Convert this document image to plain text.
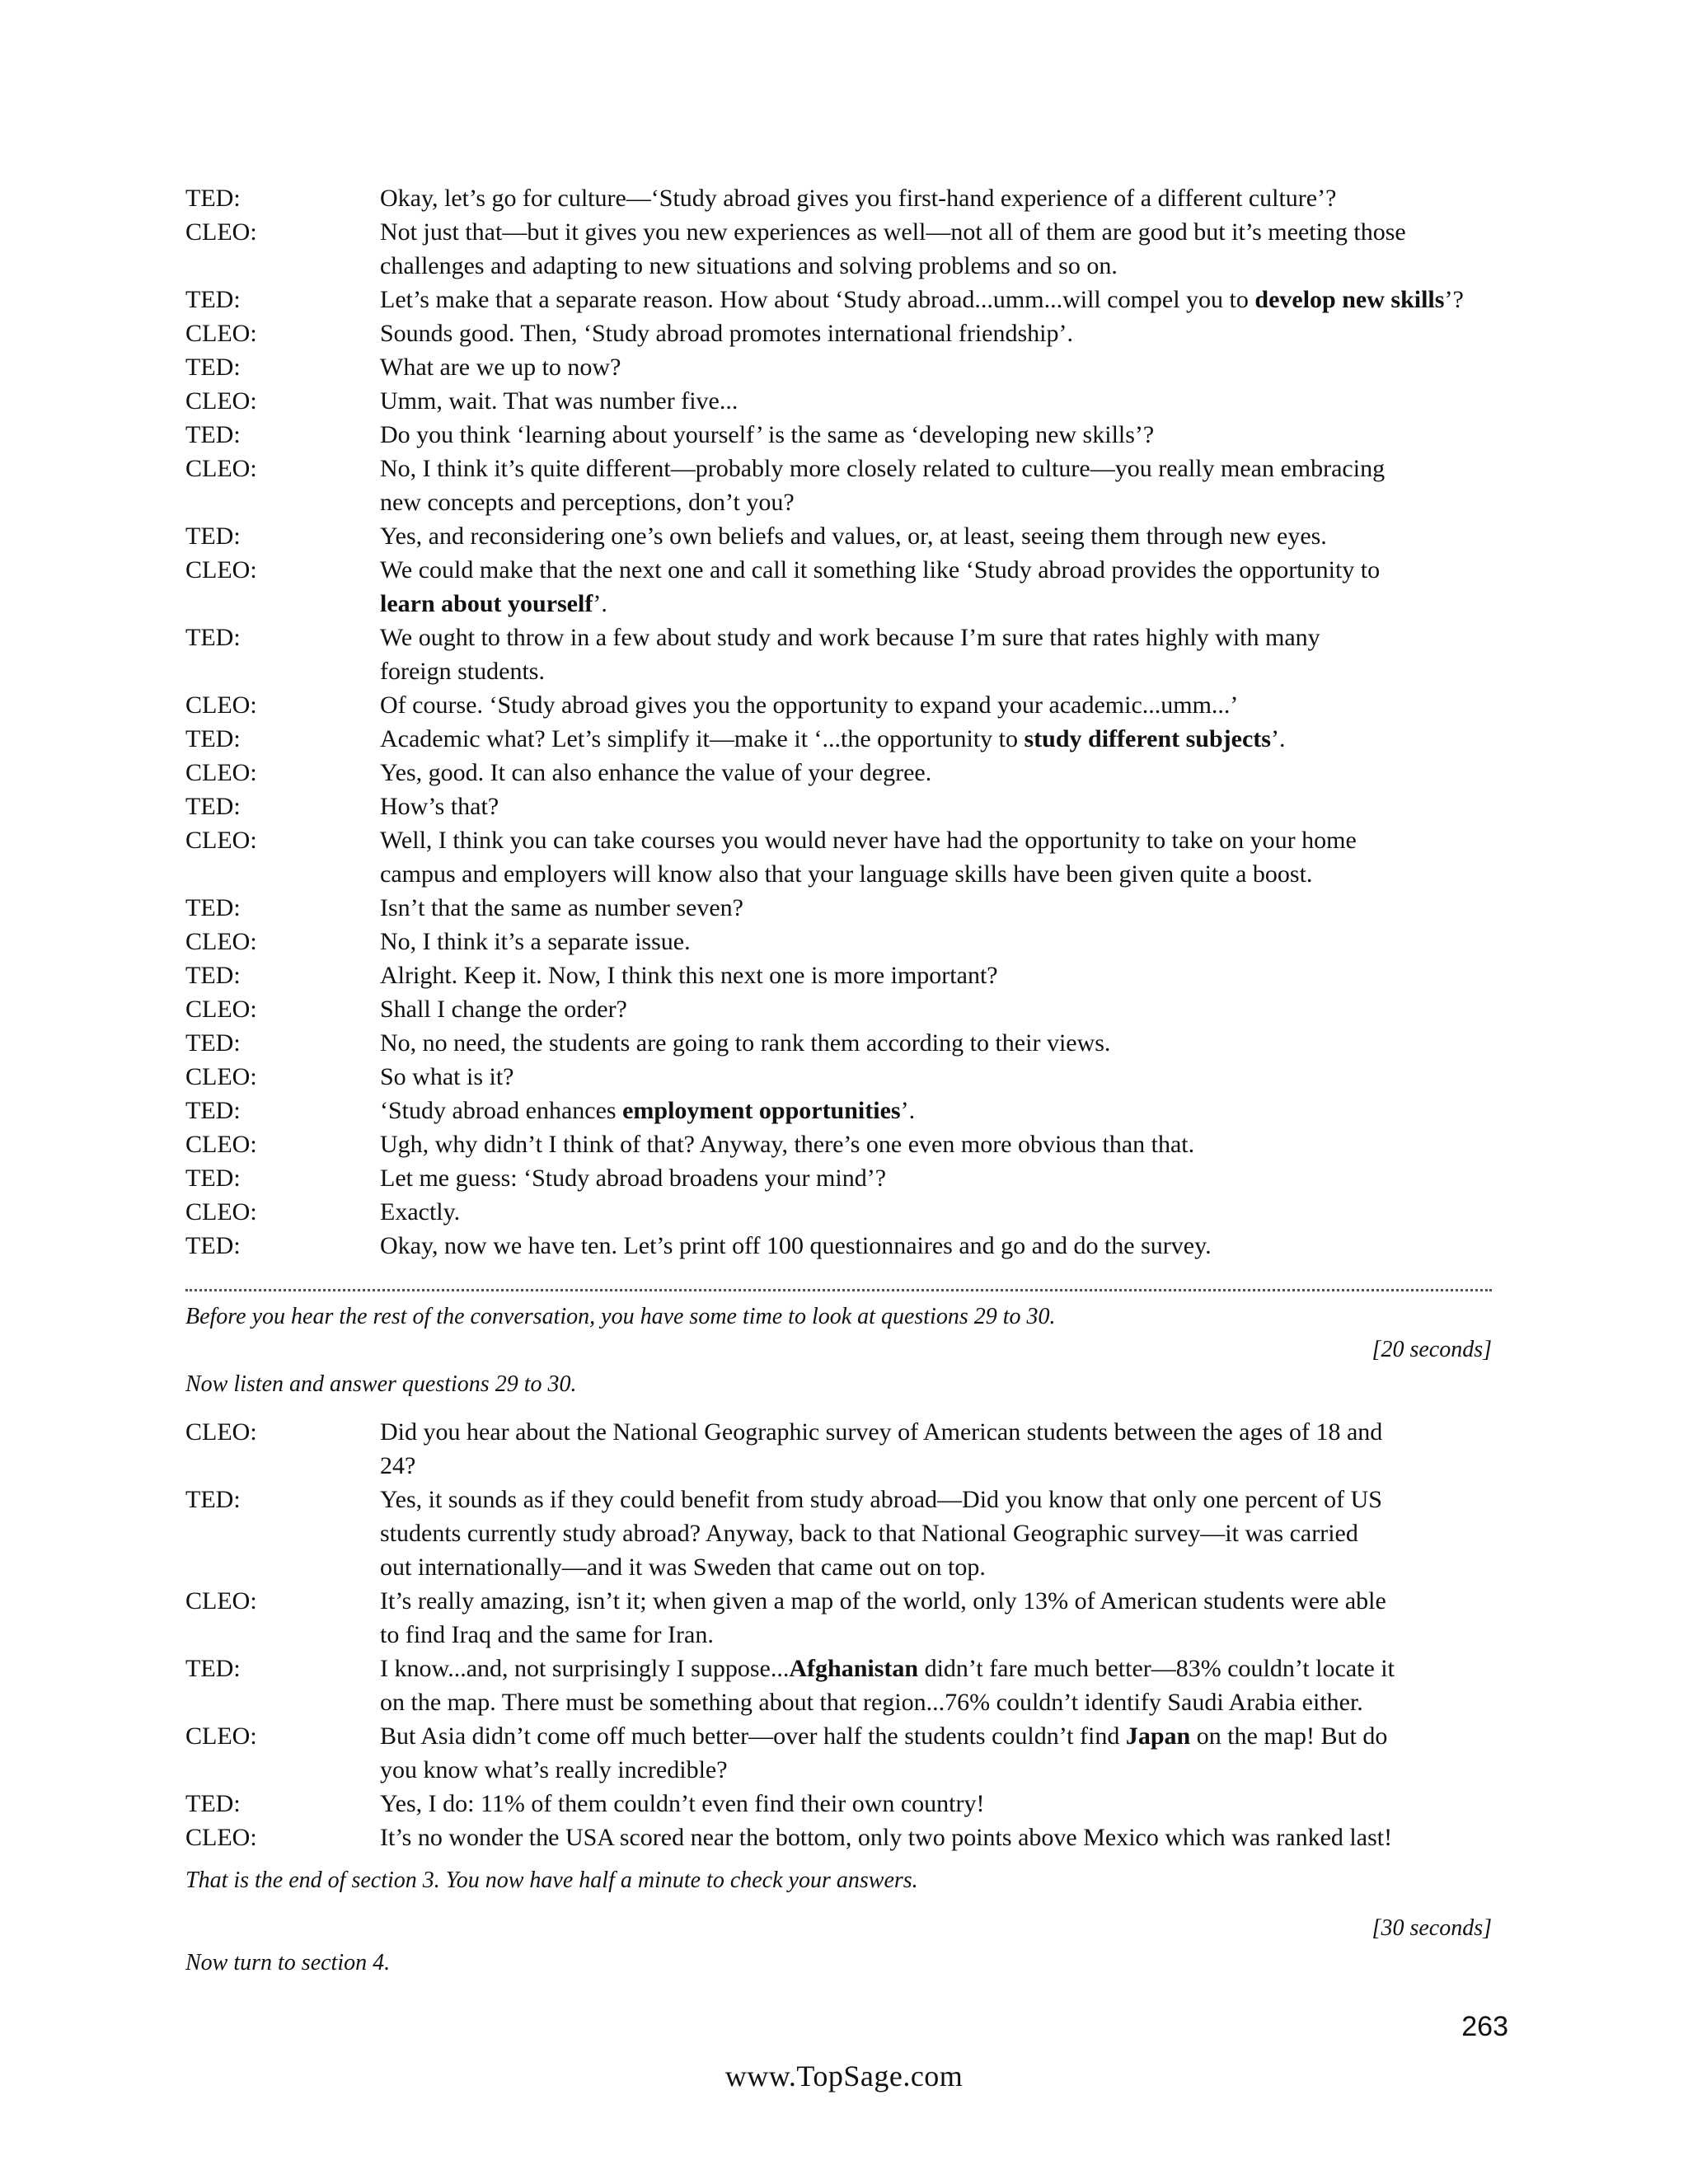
TED:	Okay, let’s go for culture—‘Study abroad gives you first-hand experience of a different culture’?
CLEO:	Not just that—but it gives you new experiences as well—not all of them are good but it’s meeting those
challenges and adapting to new situations and solving problems and so on.
TED:	Let’s make that a separate reason. How about ‘Study abroad...umm...will compel you to develop new skills’?
CLEO:	Sounds good. Then, ‘Study abroad promotes international friendship’.
TED:	What are we up to now?
CLEO:	Umm, wait. That was number five...
TED:	Do you think ‘learning about yourself’ is the same as ‘developing new skills’?
CLEO:	No, I think it’s quite different—probably more closely related to culture—you really mean embracing
new concepts and perceptions, don’t you?
TED:	Yes, and reconsidering one’s own beliefs and values, or, at least, seeing them through new eyes.
CLEO:	We could make that the next one and call it something like ‘Study abroad provides the opportunity to
learn about yourself’.
TED:	We ought to throw in a few about study and work because I’m sure that rates highly with many
foreign students.
CLEO:	Of course. ‘Study abroad gives you the opportunity to expand your academic...umm...’
TED:	Academic what? Let’s simplify it—make it ‘...the opportunity to study different subjects’.
CLEO:	Yes, good. It can also enhance the value of your degree.
TED:	How’s that?
CLEO:	Well, I think you can take courses you would never have had the opportunity to take on your home
campus and employers will know also that your language skills have been given quite a boost.
TED:	Isn’t that the same as number seven?
CLEO:	No, I think it’s a separate issue.
TED:	Alright. Keep it. Now, I think this next one is more important?
CLEO:	Shall I change the order?
TED:	No, no need, the students are going to rank them according to their views.
CLEO:	So what is it?
TED:	‘Study abroad enhances employment opportunities’.
CLEO:	Ugh, why didn’t I think of that? Anyway, there’s one even more obvious than that.
TED:	Let me guess: ‘Study abroad broadens your mind’?
CLEO:	Exactly.
TED:	Okay, now we have ten. Let’s print off 100 questionnaires and go and do the survey.
Before you hear the rest of the conversation, you have some time to look at questions 29 to 30.
[20 seconds]
Now listen and answer questions 29 to 30.
CLEO:	Did you hear about the National Geographic survey of American students between the ages of 18 and
24?
TED:	Yes, it sounds as if they could benefit from study abroad—Did you know that only one percent of US
students currently study abroad? Anyway, back to that National Geographic survey—it was carried
out internationally—and it was Sweden that came out on top.
CLEO:	It’s really amazing, isn’t it; when given a map of the world, only 13% of American students were able
to find Iraq and the same for Iran.
TED:	I know...and, not surprisingly I suppose...Afghanistan didn’t fare much better—83% couldn’t locate it
on the map. There must be something about that region...76% couldn’t identify Saudi Arabia either.
CLEO:	But Asia didn’t come off much better—over half the students couldn’t find Japan on the map! But do
you know what’s really incredible?
TED:	Yes, I do: 11% of them couldn’t even find their own country!
CLEO:	It’s no wonder the USA scored near the bottom, only two points above Mexico which was ranked last!
That is the end of section 3. You now have half a minute to check your answers.
[30 seconds]
Now turn to section 4.
263
www.TopSage.com
